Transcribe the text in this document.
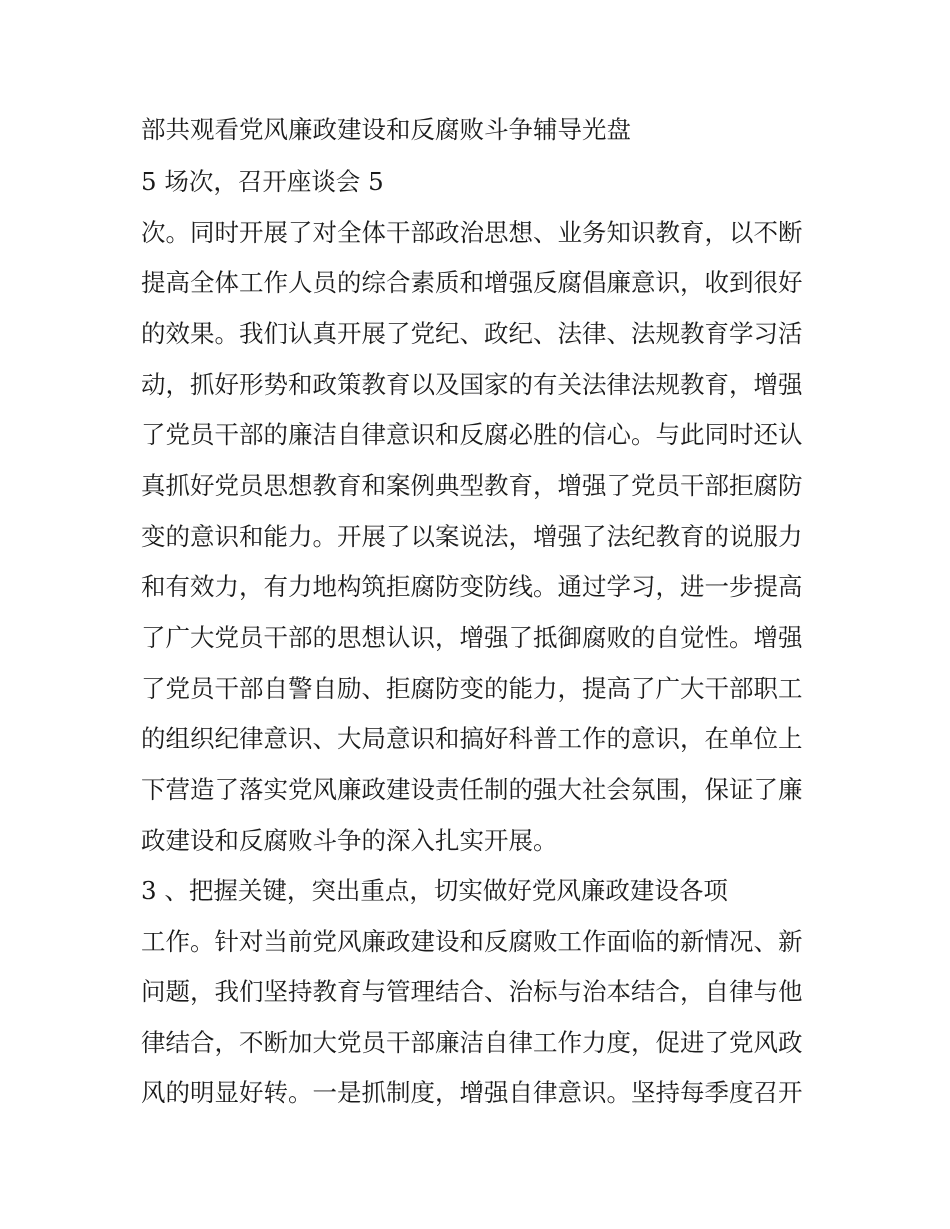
部共观看党风廉政建设和反腐败斗争辅导光盘

5 场次，召开座谈会 5

次。同时开展了对全体干部政治思想、业务知识教育，以不断

提高全体工作人员的综合素质和增强反腐倡廉意识，收到很好

的效果。我们认真开展了党纪、政纪、法律、法规教育学习活

动，抓好形势和政策教育以及国家的有关法律法规教育，增强

了党员干部的廉洁自律意识和反腐必胜的信心。与此同时还认

真抓好党员思想教育和案例典型教育，增强了党员干部拒腐防

变的意识和能力。开展了以案说法，增强了法纪教育的说服力

和有效力，有力地构筑拒腐防变防线。通过学习，进一步提高

了广大党员干部的思想认识，增强了抵御腐败的自觉性。增强

了党员干部自警自励、拒腐防变的能力，提高了广大干部职工

的组织纪律意识、大局意识和搞好科普工作的意识，在单位上

下营造了落实党风廉政建设责任制的强大社会氛围，保证了廉

政建设和反腐败斗争的深入扎实开展。

3 、把握关键，突出重点，切实做好党风廉政建设各项

工作。针对当前党风廉政建设和反腐败工作面临的新情况、新

问题，我们坚持教育与管理结合、治标与治本结合，自律与他

律结合，不断加大党员干部廉洁自律工作力度，促进了党风政

风的明显好转。一是抓制度，增强自律意识。坚持每季度召开
